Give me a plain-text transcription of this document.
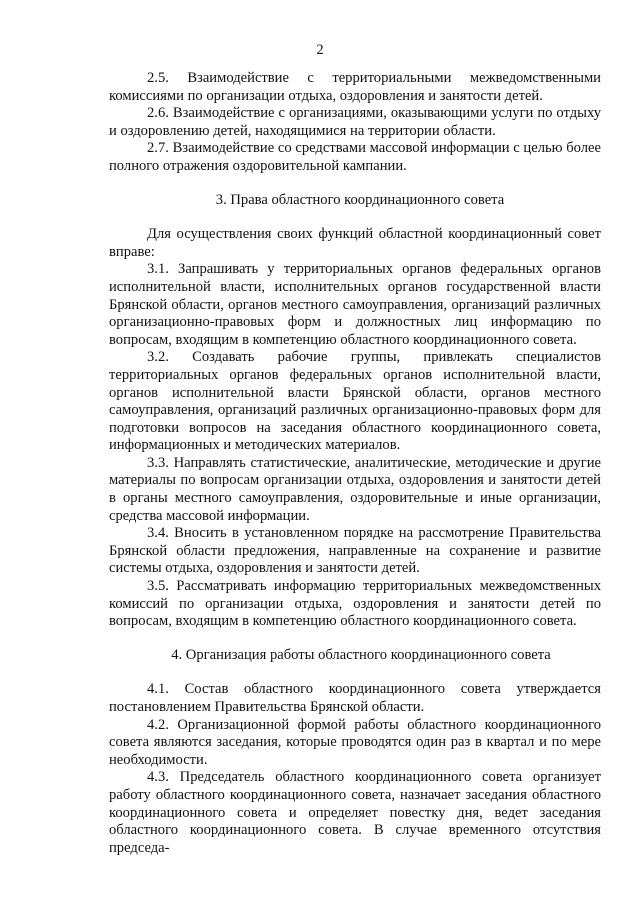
2

2.5. Взаимодействие с территориальными межведомственными комиссиями по организации отдыха, оздоровления и занятости детей.

2.6. Взаимодействие с организациями, оказывающими услуги по отдыху и оздоровлению детей, находящимися на территории области.

2.7. Взаимодействие со средствами массовой информации с целью более полного отражения оздоровительной кампании.

3. Права областного координационного совета

Для осуществления своих функций областной координационный совет вправе:

3.1. Запрашивать у территориальных органов федеральных органов исполнительной власти, исполнительных органов государственной власти Брянской области, органов местного самоуправления, организаций различных организационно-правовых форм и должностных лиц информацию по вопросам, входящим в компетенцию областного координационного совета.

3.2. Создавать рабочие группы, привлекать специалистов территориальных органов федеральных органов исполнительной власти, органов исполнительной власти Брянской области, органов местного самоуправления, организаций различных организационно-правовых форм для подготовки вопросов на заседания областного координационного совета, информационных и методических материалов.

3.3. Направлять статистические, аналитические, методические и другие материалы по вопросам организации отдыха, оздоровления и занятости детей в органы местного самоуправления, оздоровительные и иные организации, средства массовой информации.

3.4. Вносить в установленном порядке на рассмотрение Правительства Брянской области предложения, направленные на сохранение и развитие системы отдыха, оздоровления и занятости детей.

3.5. Рассматривать информацию территориальных межведомственных комиссий по организации отдыха, оздоровления и занятости детей по вопросам, входящим в компетенцию областного координационного совета.

4. Организация работы областного координационного совета

4.1. Состав областного координационного совета утверждается постановлением Правительства Брянской области.

4.2. Организационной формой работы областного координационного совета являются заседания, которые проводятся один раз в квартал и по мере необходимости.

4.3. Председатель областного координационного совета организует работу областного координационного совета, назначает заседания областного координационного совета и определяет повестку дня, ведет заседания областного координационного совета. В случае временного отсутствия председа-
